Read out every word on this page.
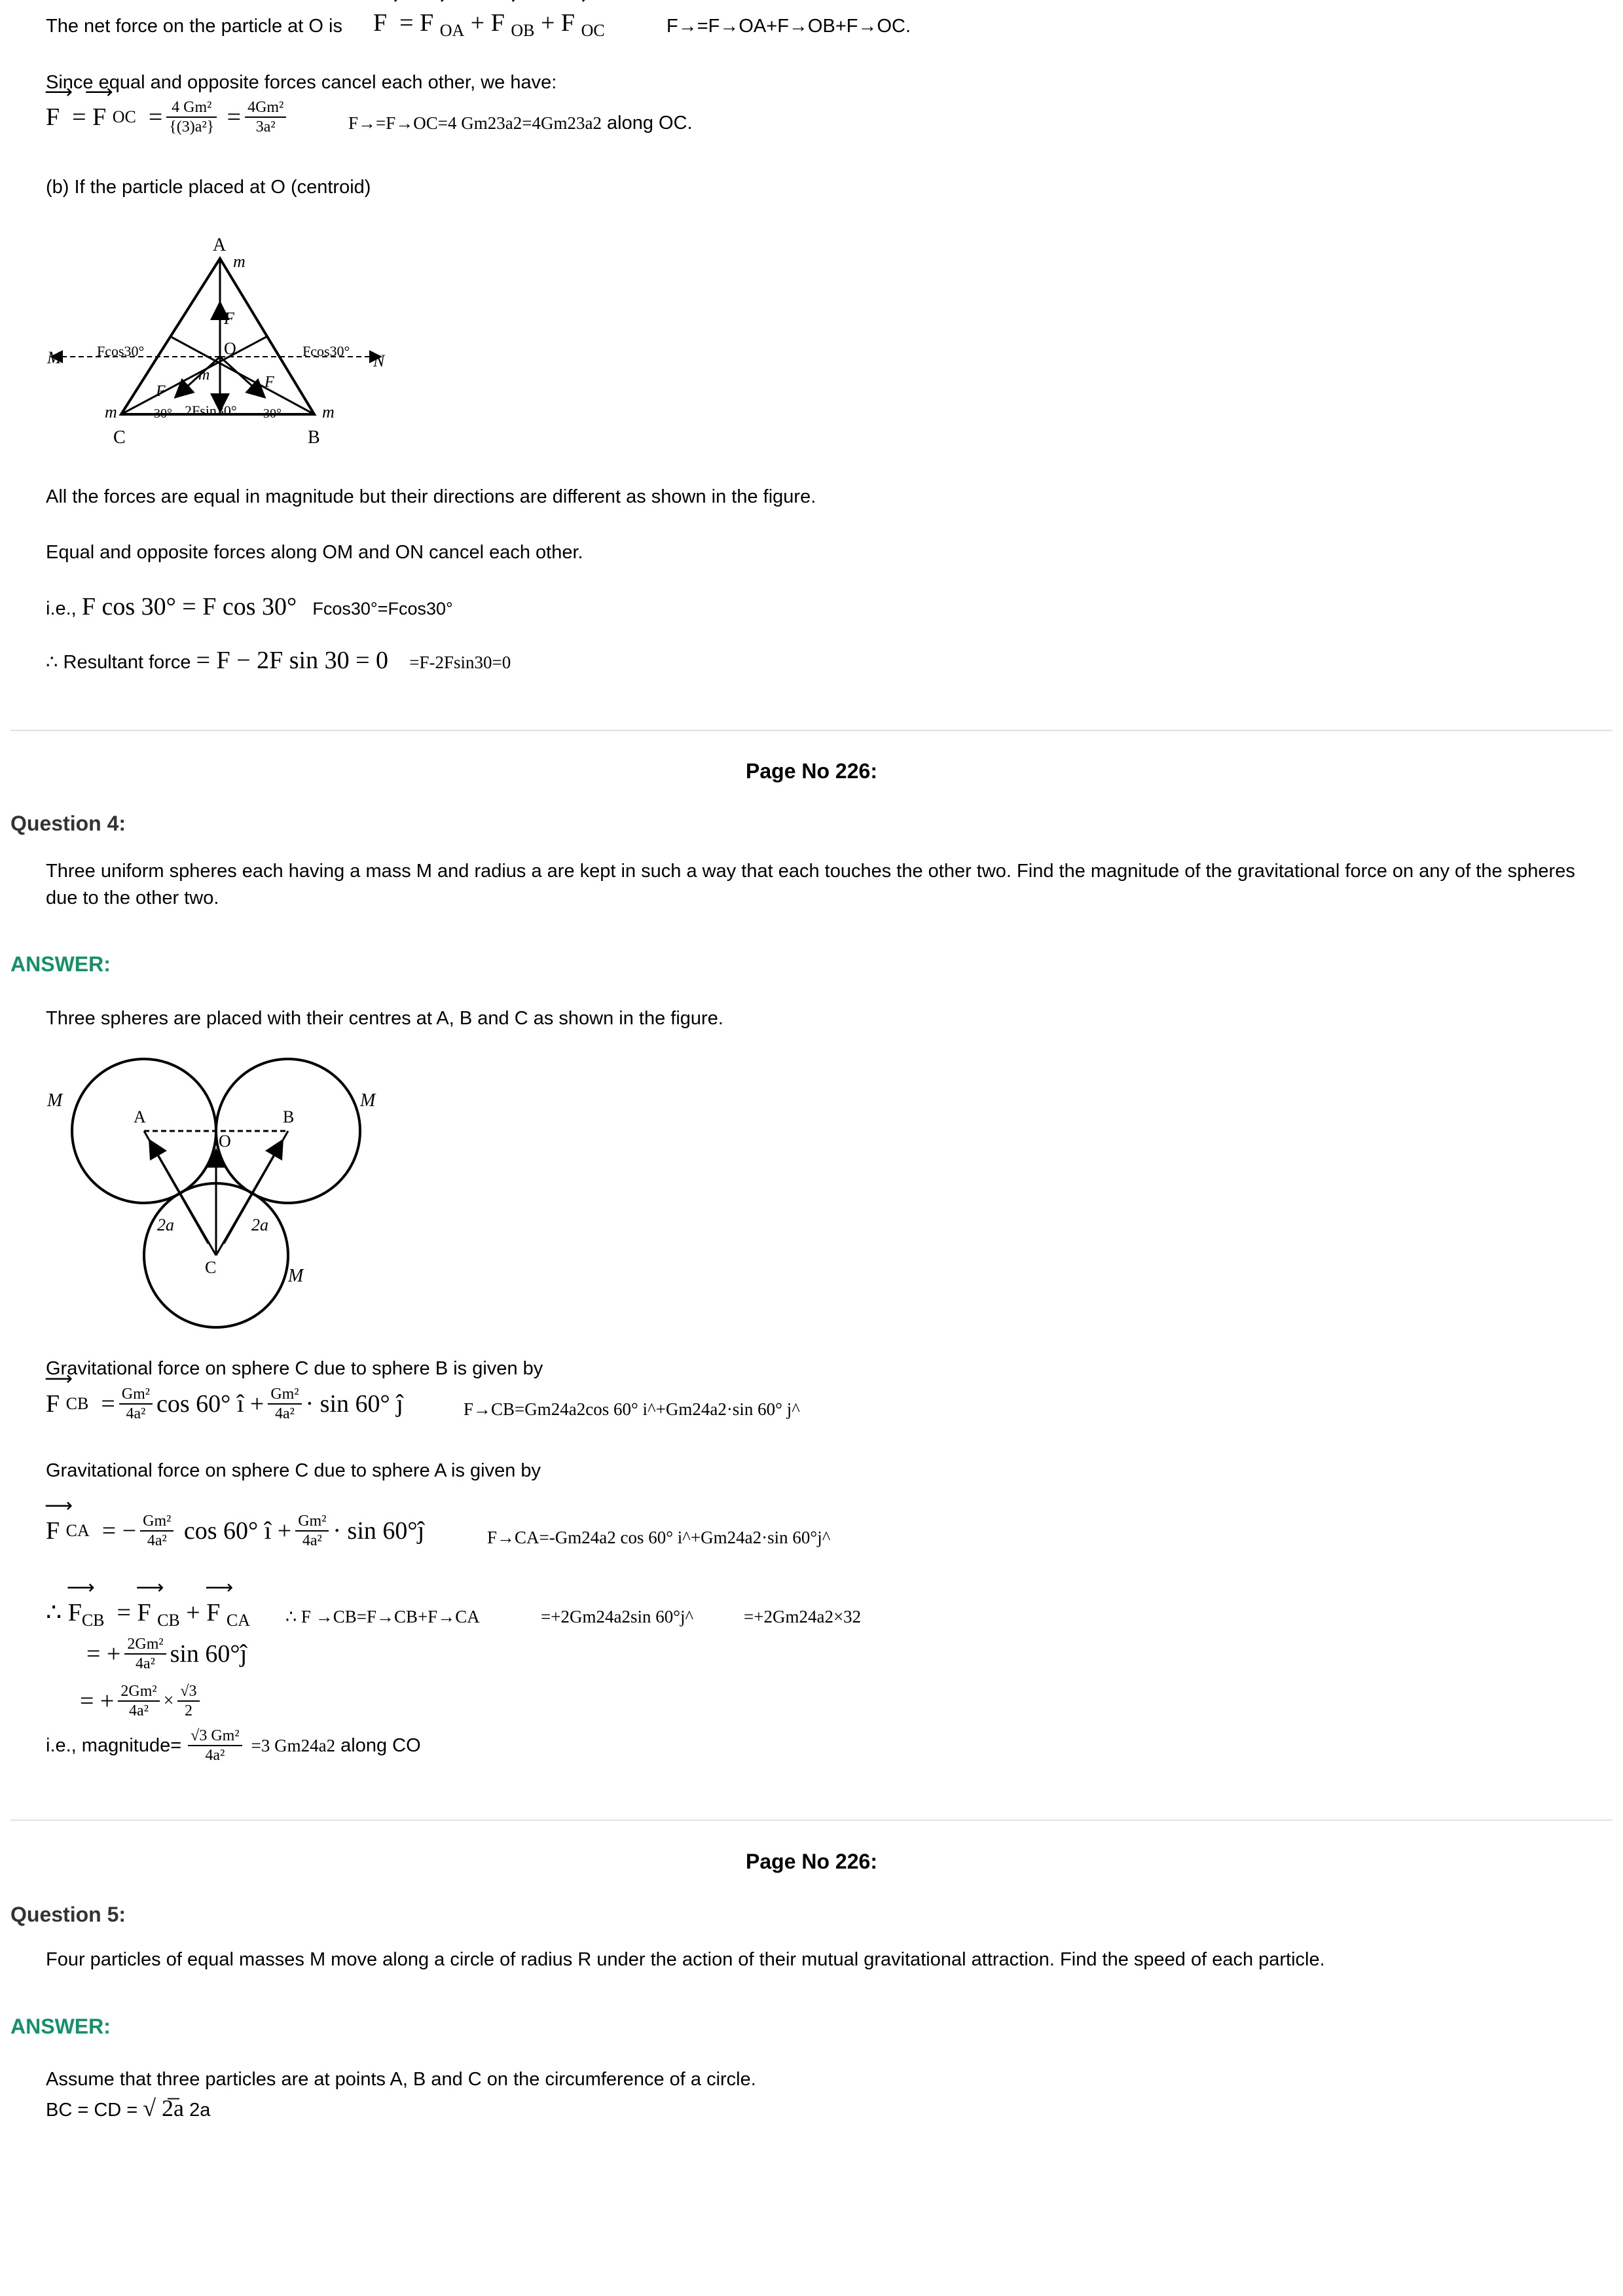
The net force on the particle at O is ⟶ F  = ⟶ F $_{OA}$ + ⟶ F $_{OB}$ + ⟶ F $_{OC}$	F→=F→OA+F→OB+F→OC.
Since equal and opposite forces cancel each other, we have:
⟶ F = ⟶  F
OC = $\frac{\text{4 Gm²}}{\text{\{(3)a²\}}} = \frac{\text{4Gm²}}{\text{3a²}}$	F→=F→OC=4 Gm23a2=4Gm23a2 along OC.
(b) If the particle placed at O (centroid)
A
C	B
O
M	N
m
m	m
m
F
F
F
Fcos30°	Fcos30°
30°	30°
2Fsin30°
All the forces are equal in magnitude but their directions are different as shown in the figure.
Equal and opposite forces along OM and ON cancel each other.
i.e.,
F cos 30° = F cos 30°
Fcos30°=Fcos30°
∴ Resultant force
= F − 2F sin 30 = 0
=F-2Fsin30=0
Page No 226:
Question 4:
Three uniform spheres each having a mass M and radius a are kept in such a way that each touches the other two. Find the magnitude of the gravitational force on any of the spheres due to the other two.
ANSWER:
Three spheres are placed with their centres at A, B and C as shown in the figure.
M	M
M
A	B
O
C
2a	2a
Gravitational force on sphere C due to sphere B is given by
⟶ F
CB = $\frac{\text{Gm²}}{\text{4a²}}$ cos 60° î + $\frac{\text{Gm²}}{\text{4a²}} \cdot \sin 60^\circ$ ĵ	F→CB=Gm24a2cos 60° i^+Gm24a2·sin 60° j^
Gravitational force on sphere C due to sphere A is given by
⟶ F
CA = − $\frac{\text{Gm²}}{\text{4a²}}$
cos 60° î + $\frac{\text{Gm²}}{\text{4a²}} \cdot \sin$ 60°ĵ	F→CA=-Gm24a2 cos 60° i^+Gm24a2·sin 60°j^
∴ ⟶ $F_{CB}$  = ⟶ F $_{CB}$ + ⟶ F $_{CA}$ ∴ F →CB=F→CB+F→CA	=+2Gm24a2sin 60°j^	=+2Gm24a2×32
= + $\frac{\text{2Gm²}}{\text{4a²}}$ sin 60°ĵ
= + $\frac{\text{2Gm²}}{\text{4a²}} \times \frac{√3}{2}$
i.e., magnitude= $\frac{\text{√3 Gm²}}{\text{4a²}}$
=3 Gm24a2
along CO
Page No 226:
Question 5:
Four particles of equal masses M move along a circle of radius R under the action of their mutual gravitational attraction. Find the speed of each particle.
ANSWER:
Assume that three particles are at points A, B and C on the circumference of a circle.
BC = CD =
√ 2̅a
2a
